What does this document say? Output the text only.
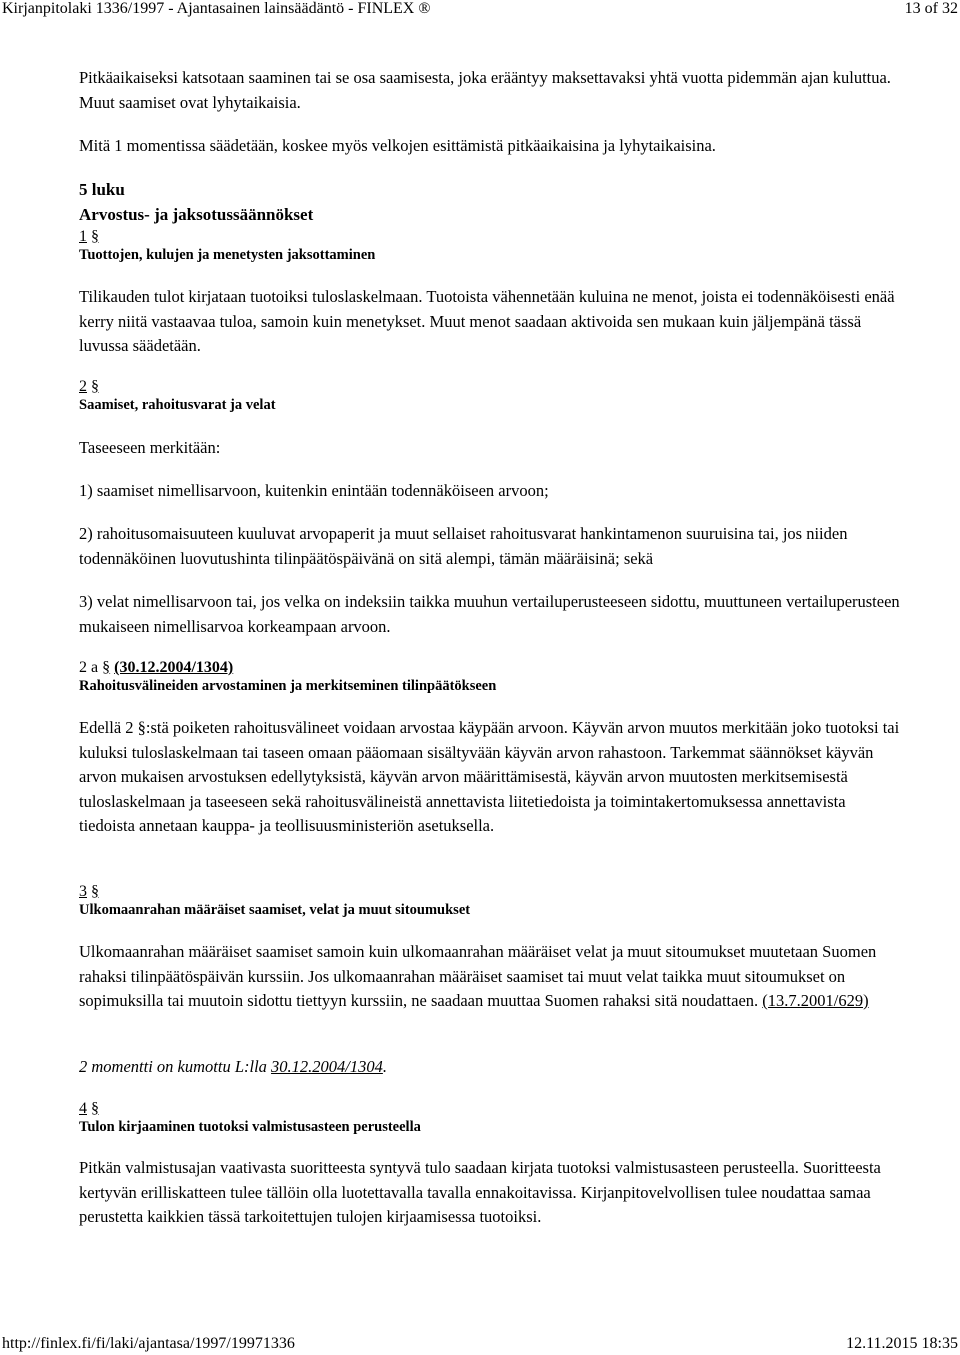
Kirjanpitolaki 1336/1997 - Ajantasainen lainsäädäntö - FINLEX ®	13 of 32

Pitkäaikaiseksi katsotaan saaminen tai se osa saamisesta, joka erääntyy maksettavaksi yhtä vuotta pidemmän ajan kuluttua. Muut saamiset ovat lyhytaikaisia.

Mitä 1 momentissa säädetään, koskee myös velkojen esittämistä pitkäaikaisina ja lyhytaikaisina.

5 luku
Arvostus- ja jaksotussäännökset
1 §
Tuottojen, kulujen ja menetysten jaksottaminen

Tilikauden tulot kirjataan tuotoiksi tuloslaskelmaan. Tuotoista vähennetään kuluina ne menot, joista ei todennäköisesti enää kerry niitä vastaavaa tuloa, samoin kuin menetykset. Muut menot saadaan aktivoida sen mukaan kuin jäljempänä tässä luvussa säädetään.

2 §
Saamiset, rahoitusvarat ja velat

Taseeseen merkitään:

1) saamiset nimellisarvoon, kuitenkin enintään todennäköiseen arvoon;

2) rahoitusomaisuuteen kuuluvat arvopaperit ja muut sellaiset rahoitusvarat hankintamenon suuruisina tai, jos niiden todennäköinen luovutushinta tilinpäätöspäivänä on sitä alempi, tämän määräisinä; sekä

3) velat nimellisarvoon tai, jos velka on indeksiin taikka muuhun vertailuperusteeseen sidottu, muuttuneen vertailuperusteen mukaiseen nimellisarvoa korkeampaan arvoon.

2 a § (30.12.2004/1304)
Rahoitusvälineiden arvostaminen ja merkitseminen tilinpäätökseen

Edellä 2 §:stä poiketen rahoitusvälineet voidaan arvostaa käypään arvoon. Käyvän arvon muutos merkitään joko tuotoksi tai kuluksi tuloslaskelmaan tai taseen omaan pääomaan sisältyvään käyvän arvon rahastoon. Tarkemmat säännökset käyvän arvon mukaisen arvostuksen edellytyksistä, käyvän arvon määrittämisestä, käyvän arvon muutosten merkitsemisestä tuloslaskelmaan ja taseeseen sekä rahoitusvälineistä annettavista liitetiedoista ja toimintakertomuksessa annettavista tiedoista annetaan kauppa- ja teollisuusministeriön asetuksella.

3 §
Ulkomaanrahan määräiset saamiset, velat ja muut sitoumukset

Ulkomaanrahan määräiset saamiset samoin kuin ulkomaanrahan määräiset velat ja muut sitoumukset muutetaan Suomen rahaksi tilinpäätöspäivän kurssiin. Jos ulkomaanrahan määräiset saamiset tai muut velat taikka muut sitoumukset on sopimuksilla tai muutoin sidottu tiettyyn kurssiin, ne saadaan muuttaa Suomen rahaksi sitä noudattaen. (13.7.2001/629)

2 momentti on kumottu L:lla 30.12.2004/1304.

4 §
Tulon kirjaaminen tuotoksi valmistusasteen perusteella

Pitkän valmistusajan vaativasta suoritteesta syntyvä tulo saadaan kirjata tuotoksi valmistusasteen perusteella. Suoritteesta kertyvän erilliskatteen tulee tällöin olla luotettavalla tavalla ennakoitavissa. Kirjanpitovelvollisen tulee noudattaa samaa perustetta kaikkien tässä tarkoitettujen tulojen kirjaamisessa tuotoiksi.

http://finlex.fi/fi/laki/ajantasa/1997/19971336	12.11.2015 18:35
